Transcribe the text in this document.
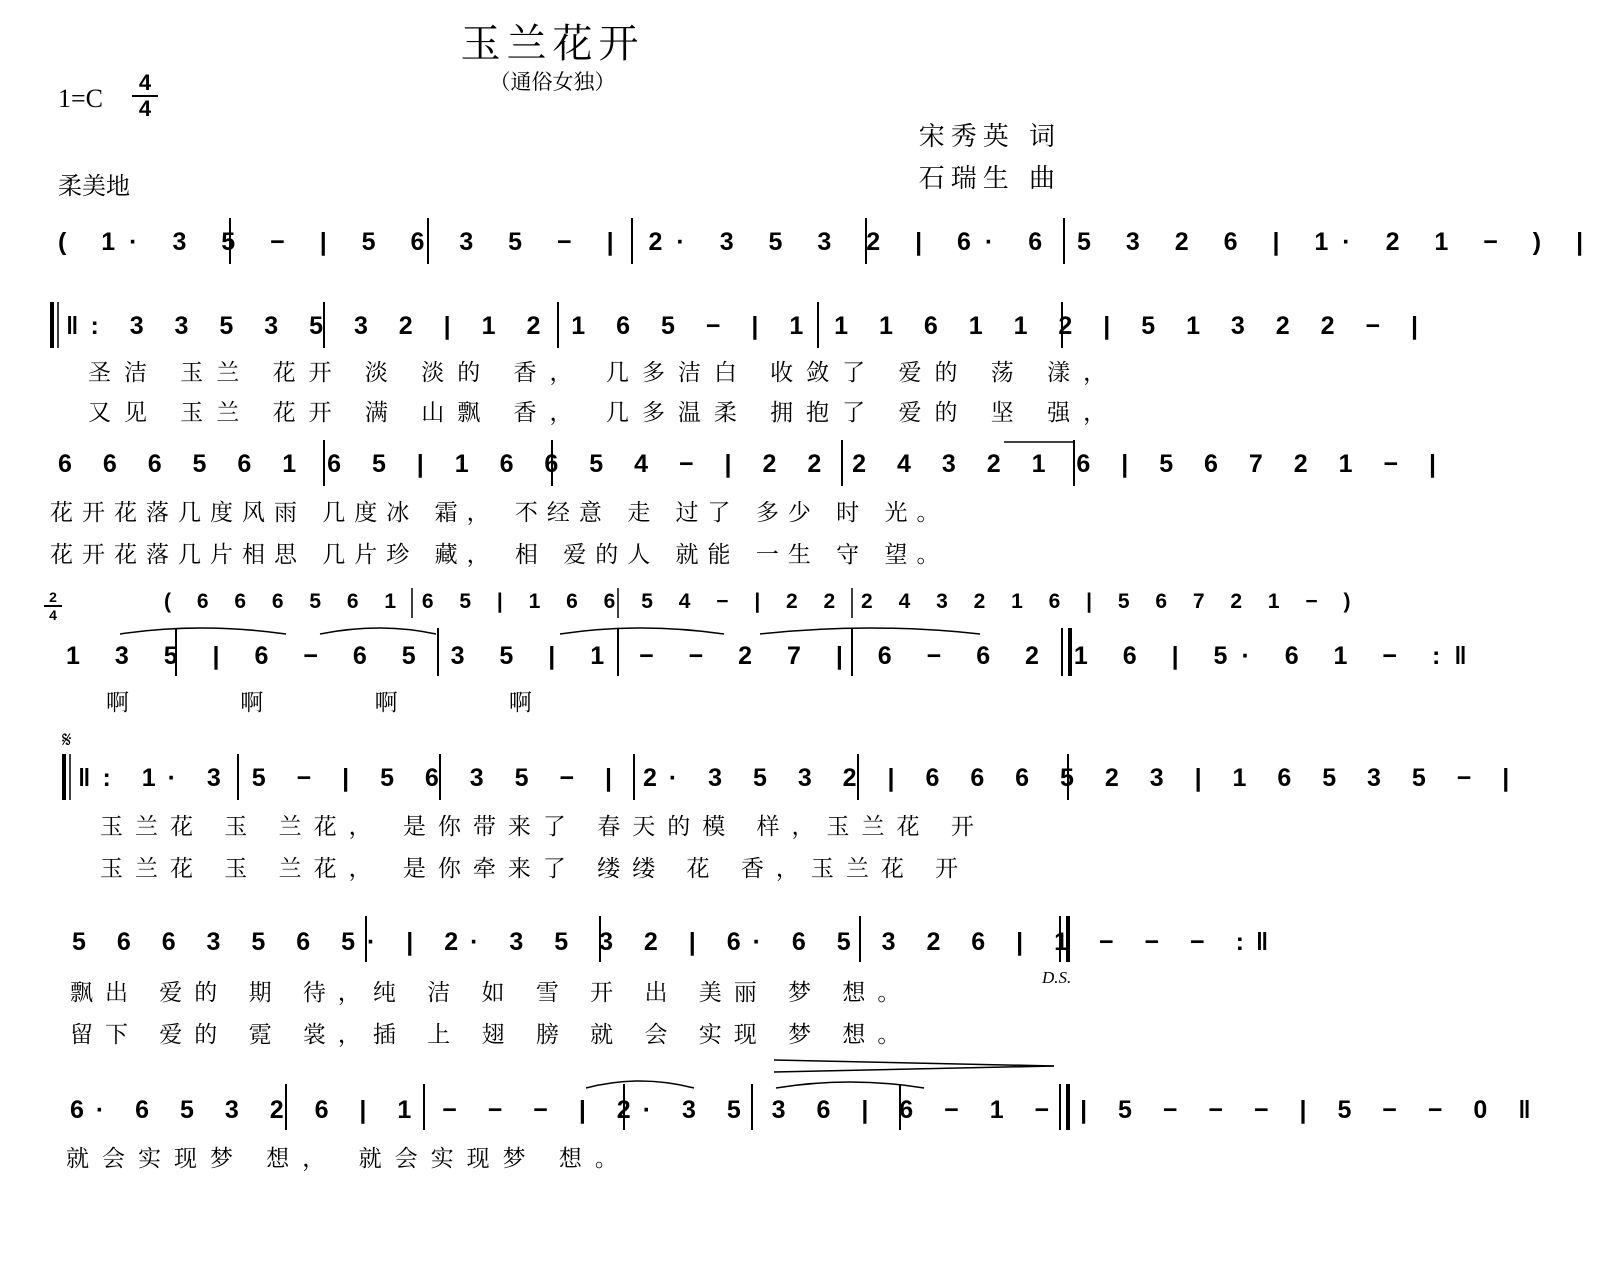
玉兰花开
（通俗女独）
1=C
4
4
宋秀英 词
石瑞生 曲
柔美地
( 1· 3 5 − | 5 6 3 5 − | 2· 3 5 3 2 | 6· 6 5 3 2 6 | 1· 2 1 − ) |
‖: 3 3 5 3 5 3 2 | 1 2 1 6 5 − | 1 1 1 6 1 1 2 | 5 1 3 2 2 − |
圣洁 玉兰 花开 淡 淡的 香， 几多洁白 收敛了 爱的 荡 漾，
又见 玉兰 花开 满 山飘 香， 几多温柔 拥抱了 爱的 坚 强，
6 6 6 5 6 1 6 5 | 1 6 6 5 4 − | 2 2 2 4 3 2 1 6 | 5 6 7 2 1 − |
花开花落几度风雨 几度冰 霜， 不经意 走 过了 多少 时 光。
花开花落几片相思 几片珍 藏， 相 爱的人 就能 一生 守 望。
2
4
( 6 6 6 5 6 1 6 5 | 1 6 6 5 4 − | 2 2 2 4 3 2 1 6 | 5 6 7 2 1 − )
1 3 5 | 6 − 6 5 3 5 | 1 − − 2 7 | 6 − 6 2 1 6 | 5· 6 1 − :‖
啊 啊 啊 啊
𝄋
‖: 1· 3 5 − | 5 6 3 5 − | 2· 3 5 3 2 | 6 6 6 5 2 3 | 1 6 5 3 5 − |
玉兰花 玉 兰花， 是你带来了 春天的模 样，玉兰花 开
玉兰花 玉 兰花， 是你牵来了 缕缕 花 香，玉兰花 开
5 6 6 3 5 6 5· | 2· 3 5 3 2 | 6· 6 5 3 2 6 | 1 − − − :‖
D.S.
飘出 爱的 期 待，纯 洁 如 雪 开 出 美丽 梦 想。
留下 爱的 霓 裳，插 上 翅 膀 就 会 实现 梦 想。
6· 6 5 3 2 6 | 1 − − − | 2· 3 5 3 6 | 6 − 1 − | 5 − − − | 5 − − 0 ‖
就会实现梦 想， 就会实现梦 想。
